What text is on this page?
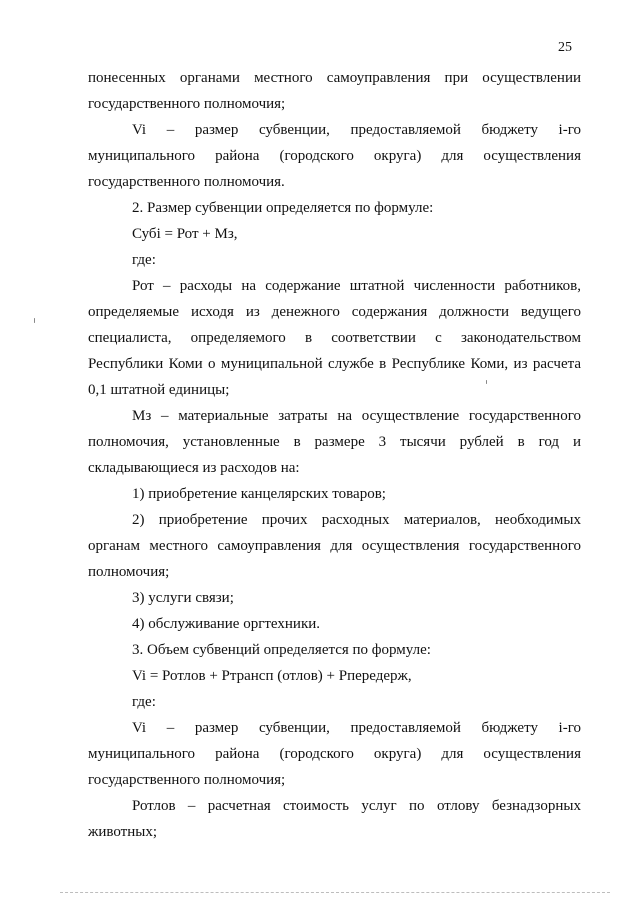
25
понесенных органами местного самоуправления при осуществлении
государственного полномочия;
Vi – размер субвенции, предоставляемой бюджету i-го
муниципального района (городского округа) для осуществления
государственного полномочия.
2. Размер субвенции определяется по формуле:
Субi = Рот + Мз,
где:
Рот – расходы на содержание штатной численности работников,
определяемые исходя из денежного содержания должности ведущего
специалиста, определяемого в соответствии с законодательством
Республики Коми о муниципальной службе в Республике Коми, из расчета
0,1 штатной единицы;
Мз – материальные затраты на осуществление государственного
полномочия, установленные в размере 3 тысячи рублей в год и
складывающиеся из расходов на:
1) приобретение канцелярских товаров;
2) приобретение прочих расходных материалов, необходимых
органам местного самоуправления для осуществления государственного
полномочия;
3) услуги связи;
4) обслуживание оргтехники.
3. Объем субвенций определяется по формуле:
Vi = Ротлов + Ртрансп (отлов) + Рпередерж,
где:
Vi – размер субвенции, предоставляемой бюджету i-го
муниципального района (городского округа) для осуществления
государственного полномочия;
Ротлов – расчетная стоимость услуг по отлову безнадзорных
животных;
